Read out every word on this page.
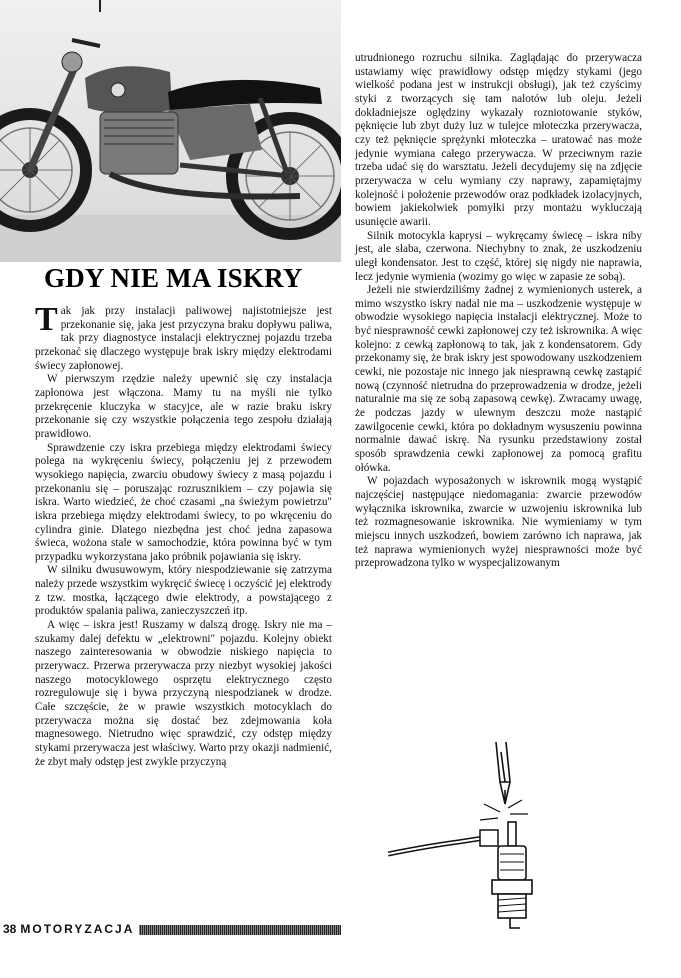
GDY NIE MA ISKRY

Tak jak przy instalacji paliwowej najistotniejsze jest przekonanie się, jaka jest przyczyna braku dopływu paliwa, tak przy diagnostyce instalacji elektrycznej pojazdu trzeba przekonać się dlaczego występuje brak iskry między elektrodami świecy zapłonowej.

W pierwszym rzędzie należy upewnić się czy instalacja zapłonowa jest włączona. Mamy tu na myśli nie tylko przekręcenie kluczyka w stacyjce, ale w razie braku iskry przekonanie się czy wszystkie połączenia tego zespołu działają prawidłowo.

Sprawdzenie czy iskra przebiega między elektrodami świecy polega na wykręceniu świecy, połączeniu jej z przewodem wysokiego napięcia, zwarciu obudowy świecy z masą pojazdu i przekonaniu się – poruszając rozrusznikiem – czy pojawia się iskra. Warto wiedzieć, że choć czasami „na świeżym powietrzu" iskra przebiega między elektrodami świecy, to po wkręceniu do cylindra ginie. Dlatego niezbędna jest choć jedna zapasowa świeca, wożona stale w samochodzie, która powinna być w tym przypadku wykorzystana jako próbnik pojawiania się iskry.

W silniku dwusuwowym, który niespodziewanie się zatrzyma należy przede wszystkim wykręcić świecę i oczyścić jej elektrody z tzw. mostka, łączącego dwie elektrody, a powstającego z produktów spalania paliwa, zanieczyszczeń itp.

A więc – iskra jest! Ruszamy w dalszą drogę. Iskry nie ma – szukamy dalej defektu w „elektrowni" pojazdu. Kolejny obiekt naszego zainteresowania w obwodzie niskiego napięcia to przerywacz. Przerwa przerywacza przy niezbyt wysokiej jakości naszego motocyklowego osprzętu elektrycznego często rozregulowuje się i bywa przyczyną niespodzianek w drodze. Całe szczęście, że w prawie wszystkich motocyklach do przerywacza można się dostać bez zdejmowania koła magnesowego. Nietrudno więc sprawdzić, czy odstęp między stykami przerywacza jest właściwy. Warto przy okazji nadmienić, że zbyt mały odstęp jest zwykle przyczyną

utrudnionego rozruchu silnika. Zaglądając do przerywacza ustawiamy więc prawidłowy odstęp między stykami (jego wielkość podana jest w instrukcji obsługi), jak też czyścimy styki z tworzących się tam nalotów lub oleju. Jeżeli dokładniejsze oględziny wykazały rozniotowanie styków, pęknięcie lub zbyt duży luz w tulejce młoteczka przerywacza, czy też pęknięcie sprężynki młoteczka – uratować nas może jedynie wymiana całego przerywacza. W przeciwnym razie trzeba udać się do warsztatu. Jeżeli decydujemy się na zdjęcie przerywacza w celu wymiany czy naprawy, zapamiętajmy kolejność i położenie przewodów oraz podkładek izolacyjnych, bowiem jakiekolwiek pomyłki przy montażu wykluczają usunięcie awarii.

Silnik motocykla kaprysi – wykręcamy świecę – iskra niby jest, ale słaba, czerwona. Niechybny to znak, że uszkodzeniu uległ kondensator. Jest to część, której się nigdy nie naprawia, lecz jedynie wymienia (wozimy go więc w zapasie ze sobą).

Jeżeli nie stwierdziliśmy żadnej z wymienionych usterek, a mimo wszystko iskry nadal nie ma – uszkodzenie występuje w obwodzie wysokiego napięcia instalacji elektrycznej. Może to być niesprawność cewki zapłonowej czy też iskrownika. A więc kolejno: z cewką zapłonową to tak, jak z kondensatorem. Gdy przekonamy się, że brak iskry jest spowodowany uszkodzeniem cewki, nie pozostaje nic innego jak niesprawną cewkę zastąpić nową (czynność nietrudna do przeprowadzenia w drodze, jeżeli naturalnie ma się ze sobą zapasową cewkę). Zwracamy uwagę, że podczas jazdy w ulewnym deszczu może nastąpić zawilgocenie cewki, która po dokładnym wysuszeniu powinna normalnie dawać iskrę. Na rysunku przedstawiony został sposób sprawdzenia cewki zapłonowej za pomocą grafitu ołówka.

W pojazdach wyposażonych w iskrownik mogą wystąpić najczęściej następujące niedomagania: zwarcie przewodów wyłącznika iskrownika, zwarcie w uzwojeniu iskrownika lub też rozmagnesowanie iskrownika. Nie wymieniamy w tym miejscu innych uszkodzeń, bowiem zarówno ich naprawa, jak też naprawa wymienionych wyżej niesprawności może być przeprowadzona tylko w wyspecjalizowanym

38 MOTORYZACJA
